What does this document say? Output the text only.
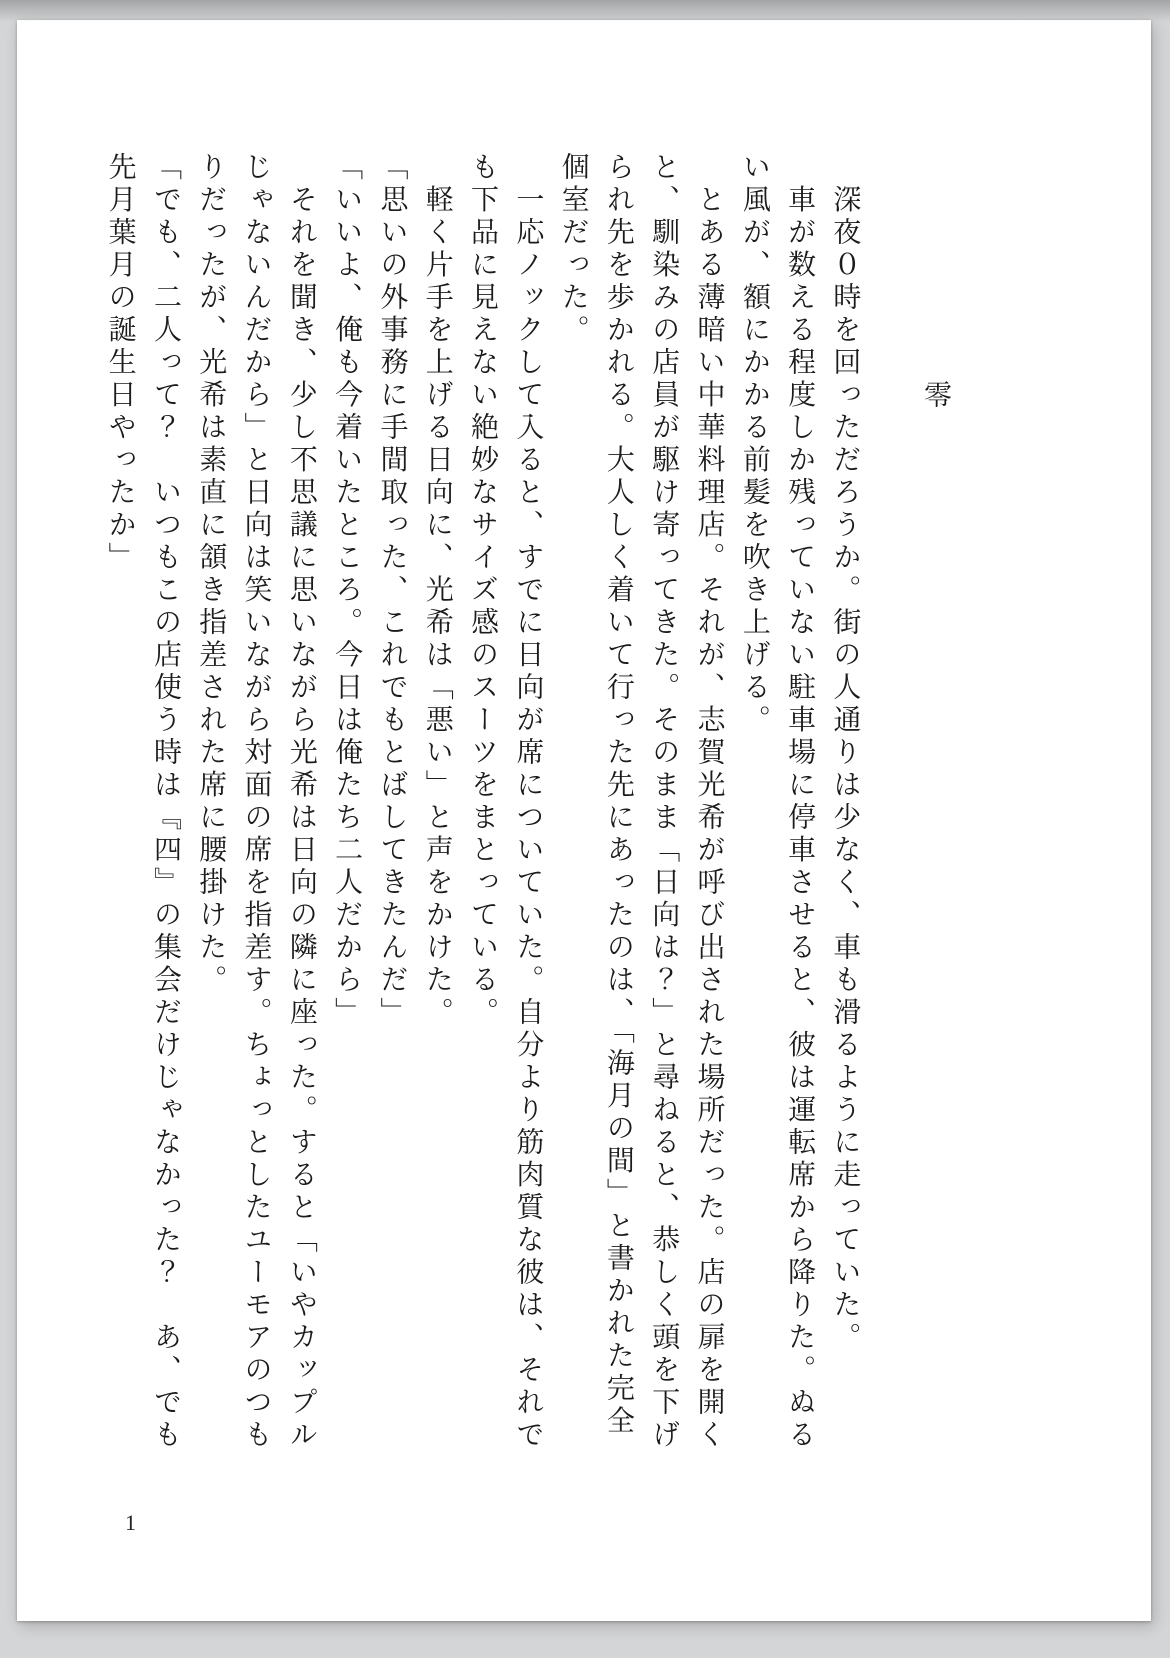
零

　深夜０時を回っただろうか。街の人通りは少なく、車も滑るように走っていた。

　車が数える程度しか残っていない駐車場に停車させると、彼は運転席から降りた。ぬるい風が、額にかかる前髪を吹き上げる。

　とある薄暗い中華料理店。それが、志賀光希が呼び出された場所だった。店の扉を開くと、馴染みの店員が駆け寄ってきた。そのまま「日向は？」と尋ねると、恭しく頭を下げられ先を歩かれる。大人しく着いて行った先にあったのは、「海月の間」と書かれた完全個室だった。

　一応ノックして入ると、すでに日向が席についていた。自分より筋肉質な彼は、それでも下品に見えない絶妙なサイズ感のスーツをまとっている。

　軽く片手を上げる日向に、光希は「悪い」と声をかけた。

「思いの外事務に手間取った、これでもとばしてきたんだ」

「いいよ、俺も今着いたところ。今日は俺たち二人だから」

　それを聞き、少し不思議に思いながら光希は日向の隣に座った。すると「いやカップルじゃないんだから」と日向は笑いながら対面の席を指差す。ちょっとしたユーモアのつもりだったが、光希は素直に頷き指差された席に腰掛けた。

「でも、二人って？　いつもこの店使う時は『四』の集会だけじゃなかった？　あ、でも先月葉月の誕生日やったか」

1
